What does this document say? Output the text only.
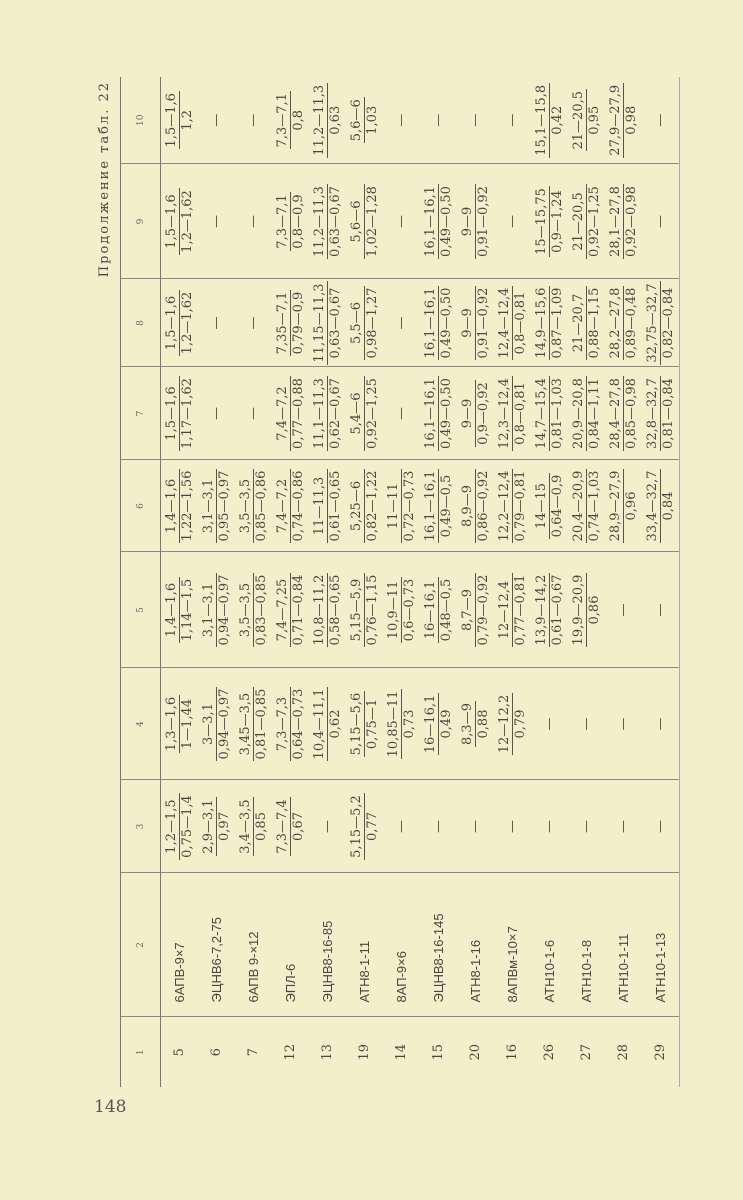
148
Продолжение табл. 22
1	2	3	4	5	6	7	8	9	10
5	6АПВ-9×7	1,2—1,5 0,75—1,4	1,3—1,6 1—1,44	1,4—1,6 1,14—1,5	1,4—1,6 1,22—1,56	1,5—1,6 1,17—1,62	1,5—1,6 1,2—1,62	1,5—1,6 1,2—1,62	1,5—1,6 1,2

6	ЭЦНВ6-7,2-75	2,9—3,1 0,97	3—3,1 0,94—0,97	3,1—3,1 0,94—0,97	3,1—3,1 0,95—0,97	—	—	—	—
7	6АПВ 9-×12	3,4—3,5 0,85	3,45—3,5 0,81—0,85	3,5—3,5 0,83—0,85	3,5—3,5 0,85—0,86	—	—	—	—
12	ЭПЛ-6	7,3—7,4 0,67	7,3—7,3 0,64—0,73	7,4—7,25 0,71—0,84	7,4—7,2 0,74—0,86	7,4—7,2 0,77—0,88	7,35—7,1 0,79—0,9	7,3—7,1 0,8—0,9	7,3—7,1 0,8

13	ЭЦНВ8-16-85	—	10,4—11,1 0,62	10,8—11,2 0,58—0,65	11—11,3 0,61—0,65	11,1—11,3 0,62—0,67	11,15—11,3 0,63—0,67	11,2—11,3 0,63—0,67	11,2—11,3 0,63

19	АТН8-1-11	5,15—5,2 0,77	5,15—5,6 0,75—1	5,15—5,9 0,76—1,15	5,25—6 0,82—1,22	5,4—6 0,92—1,25	5,5—6 0,98—1,27	5,6—6 1,02—1,28	5,6—6 1,03

14	8АП-9×6	—	10,85—11 0,73	10,9—11 0,6—0,73	11—11 0,72—0,73	—	—	—	—
15	ЭЦНВ8-16-145	—	16—16,1 0,49	16—16,1 0,48—0,5	16,1—16,1 0,49—0,5	16,1—16,1 0,49—0,50	16,1—16,1 0,49—0,50	16,1—16,1 0,49—0,50	—
20	АТН8-1-16	—	8,3—9 0,88	8,7—9 0,79—0,92	8,9—9 0,86—0,92	9—9 0,9—0,92	9—9 0,91—0,92	9—9 0,91—0,92	—
16	8АПВм-10×7	—	12—12,2 0,79	12—12,4 0,77—0,81	12,2—12,4 0,79—0,81	12,3—12,4 0,8—0,81	12,4—12,4 0,8—0,81	—	—
26	АТН10-1-6	—	—	13,9—14,2 0,61—0,67	14—15 0,64—0,9	14,7—15,4 0,81—1,03	14,9—15,6 0,87—1,09	15—15,75 0,9—1,24	15,1—15,8 0,42

27	АТН10-1-8	—	—	19,9—20,9 0,86	20,4—20,9 0,74—1,03	20,9—20,8 0,84—1,11	21—20,7 0,88—1,15	21—20,5 0,92—1,25	21—20,5 0,95

28	АТН10-1-11	—	—	—	28,9—27,9 0,96	28,4—27,8 0,85—0,98	28,2—27,8 0,89—0,48	28,1—27,8 0,92—0,98	27,9—27,9 0,98

29	АТН10-1-13	—	—	—	33,4—32,7 0,84	32,8—32,7 0,81—0,84	32,75—32,7 0,82—0,84	—	—
